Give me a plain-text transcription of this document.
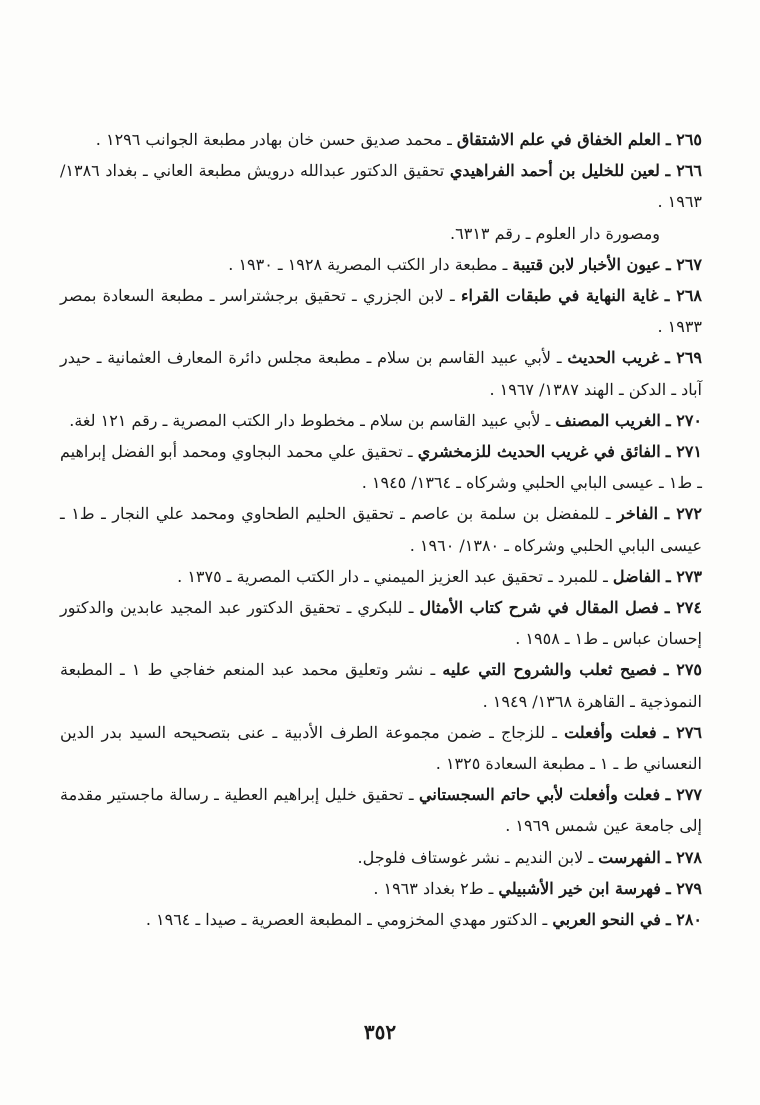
٢٦٥ ـ العلم الخفاق في علم الاشتقاق ـ محمد صديق حسن خان بهادر مطبعة الجوانب ١٢٩٦ .

٢٦٦ ـ لعين للخليل بن أحمد الفراهيدي تحقيق الدكتور عبدالله درويش مطبعة العاني ـ بغداد ١٣٨٦/ ١٩٦٣ .

ومصورة دار العلوم ـ رقم ٦٣١٣.

٢٦٧ ـ عيون الأخبار لابن قتيبة ـ مطبعة دار الكتب المصرية ١٩٢٨ ـ ١٩٣٠ .

٢٦٨ ـ غاية النهاية في طبقات القراء ـ لابن الجزري ـ تحقيق برجشتراسر ـ مطبعة السعادة بمصر ١٩٣٣ .

٢٦٩ ـ غريب الحديث ـ لأبي عبيد القاسم بن سلام ـ مطبعة مجلس دائرة المعارف العثمانية ـ حيدر آباد ـ الدكن ـ الهند ١٣٨٧/ ١٩٦٧ .

٢٧٠ ـ الغريب المصنف ـ لأبي عبيد القاسم بن سلام ـ مخطوط دار الكتب المصرية ـ رقم ١٢١ لغة.

٢٧١ ـ الفائق في غريب الحديث للزمخشري ـ تحقيق علي محمد البجاوي ومحمد أبو الفضل إبراهيم ـ ط١ ـ عيسى البابي الحلبي وشركاه ـ ١٣٦٤/ ١٩٤٥ .

٢٧٢ ـ الفاخر ـ للمفضل بن سلمة بن عاصم ـ تحقيق الحليم الطحاوي ومحمد علي النجار ـ ط١ ـ عيسى البابي الحلبي وشركاه ـ ١٣٨٠/ ١٩٦٠ .

٢٧٣ ـ الفاضل ـ للمبرد ـ تحقيق عبد العزيز الميمني ـ دار الكتب المصرية ـ ١٣٧٥ .

٢٧٤ ـ فصل المقال في شرح كتاب الأمثال ـ للبكري ـ تحقيق الدكتور عبد المجيد عابدين والدكتور إحسان عباس ـ ط١ ـ ١٩٥٨ .

٢٧٥ ـ فصيح ثعلب والشروح التي عليه ـ نشر وتعليق محمد عبد المنعم خفاجي ط ١ ـ المطبعة النموذجية ـ القاهرة ١٣٦٨/ ١٩٤٩ .

٢٧٦ ـ فعلت وأفعلت ـ للزجاج ـ ضمن مجموعة الطرف الأدبية ـ عنى بتصحيحه السيد بدر الدين النعساني ط ـ ١ ـ مطبعة السعادة ١٣٢٥ .

٢٧٧ ـ فعلت وأفعلت لأبي حاتم السجستاني ـ تحقيق خليل إبراهيم العطية ـ رسالة ماجستير مقدمة إلى جامعة عين شمس ١٩٦٩ .

٢٧٨ ـ الفهرست ـ لابن النديم ـ نشر غوستاف فلوجل.

٢٧٩ ـ فهرسة ابن خير الأشبيلي ـ ط٢ بغداد ١٩٦٣ .

٢٨٠ ـ في النحو العربي ـ الدكتور مهدي المخزومي ـ المطبعة العصرية ـ صيدا ـ ١٩٦٤ .

٣٥٢
